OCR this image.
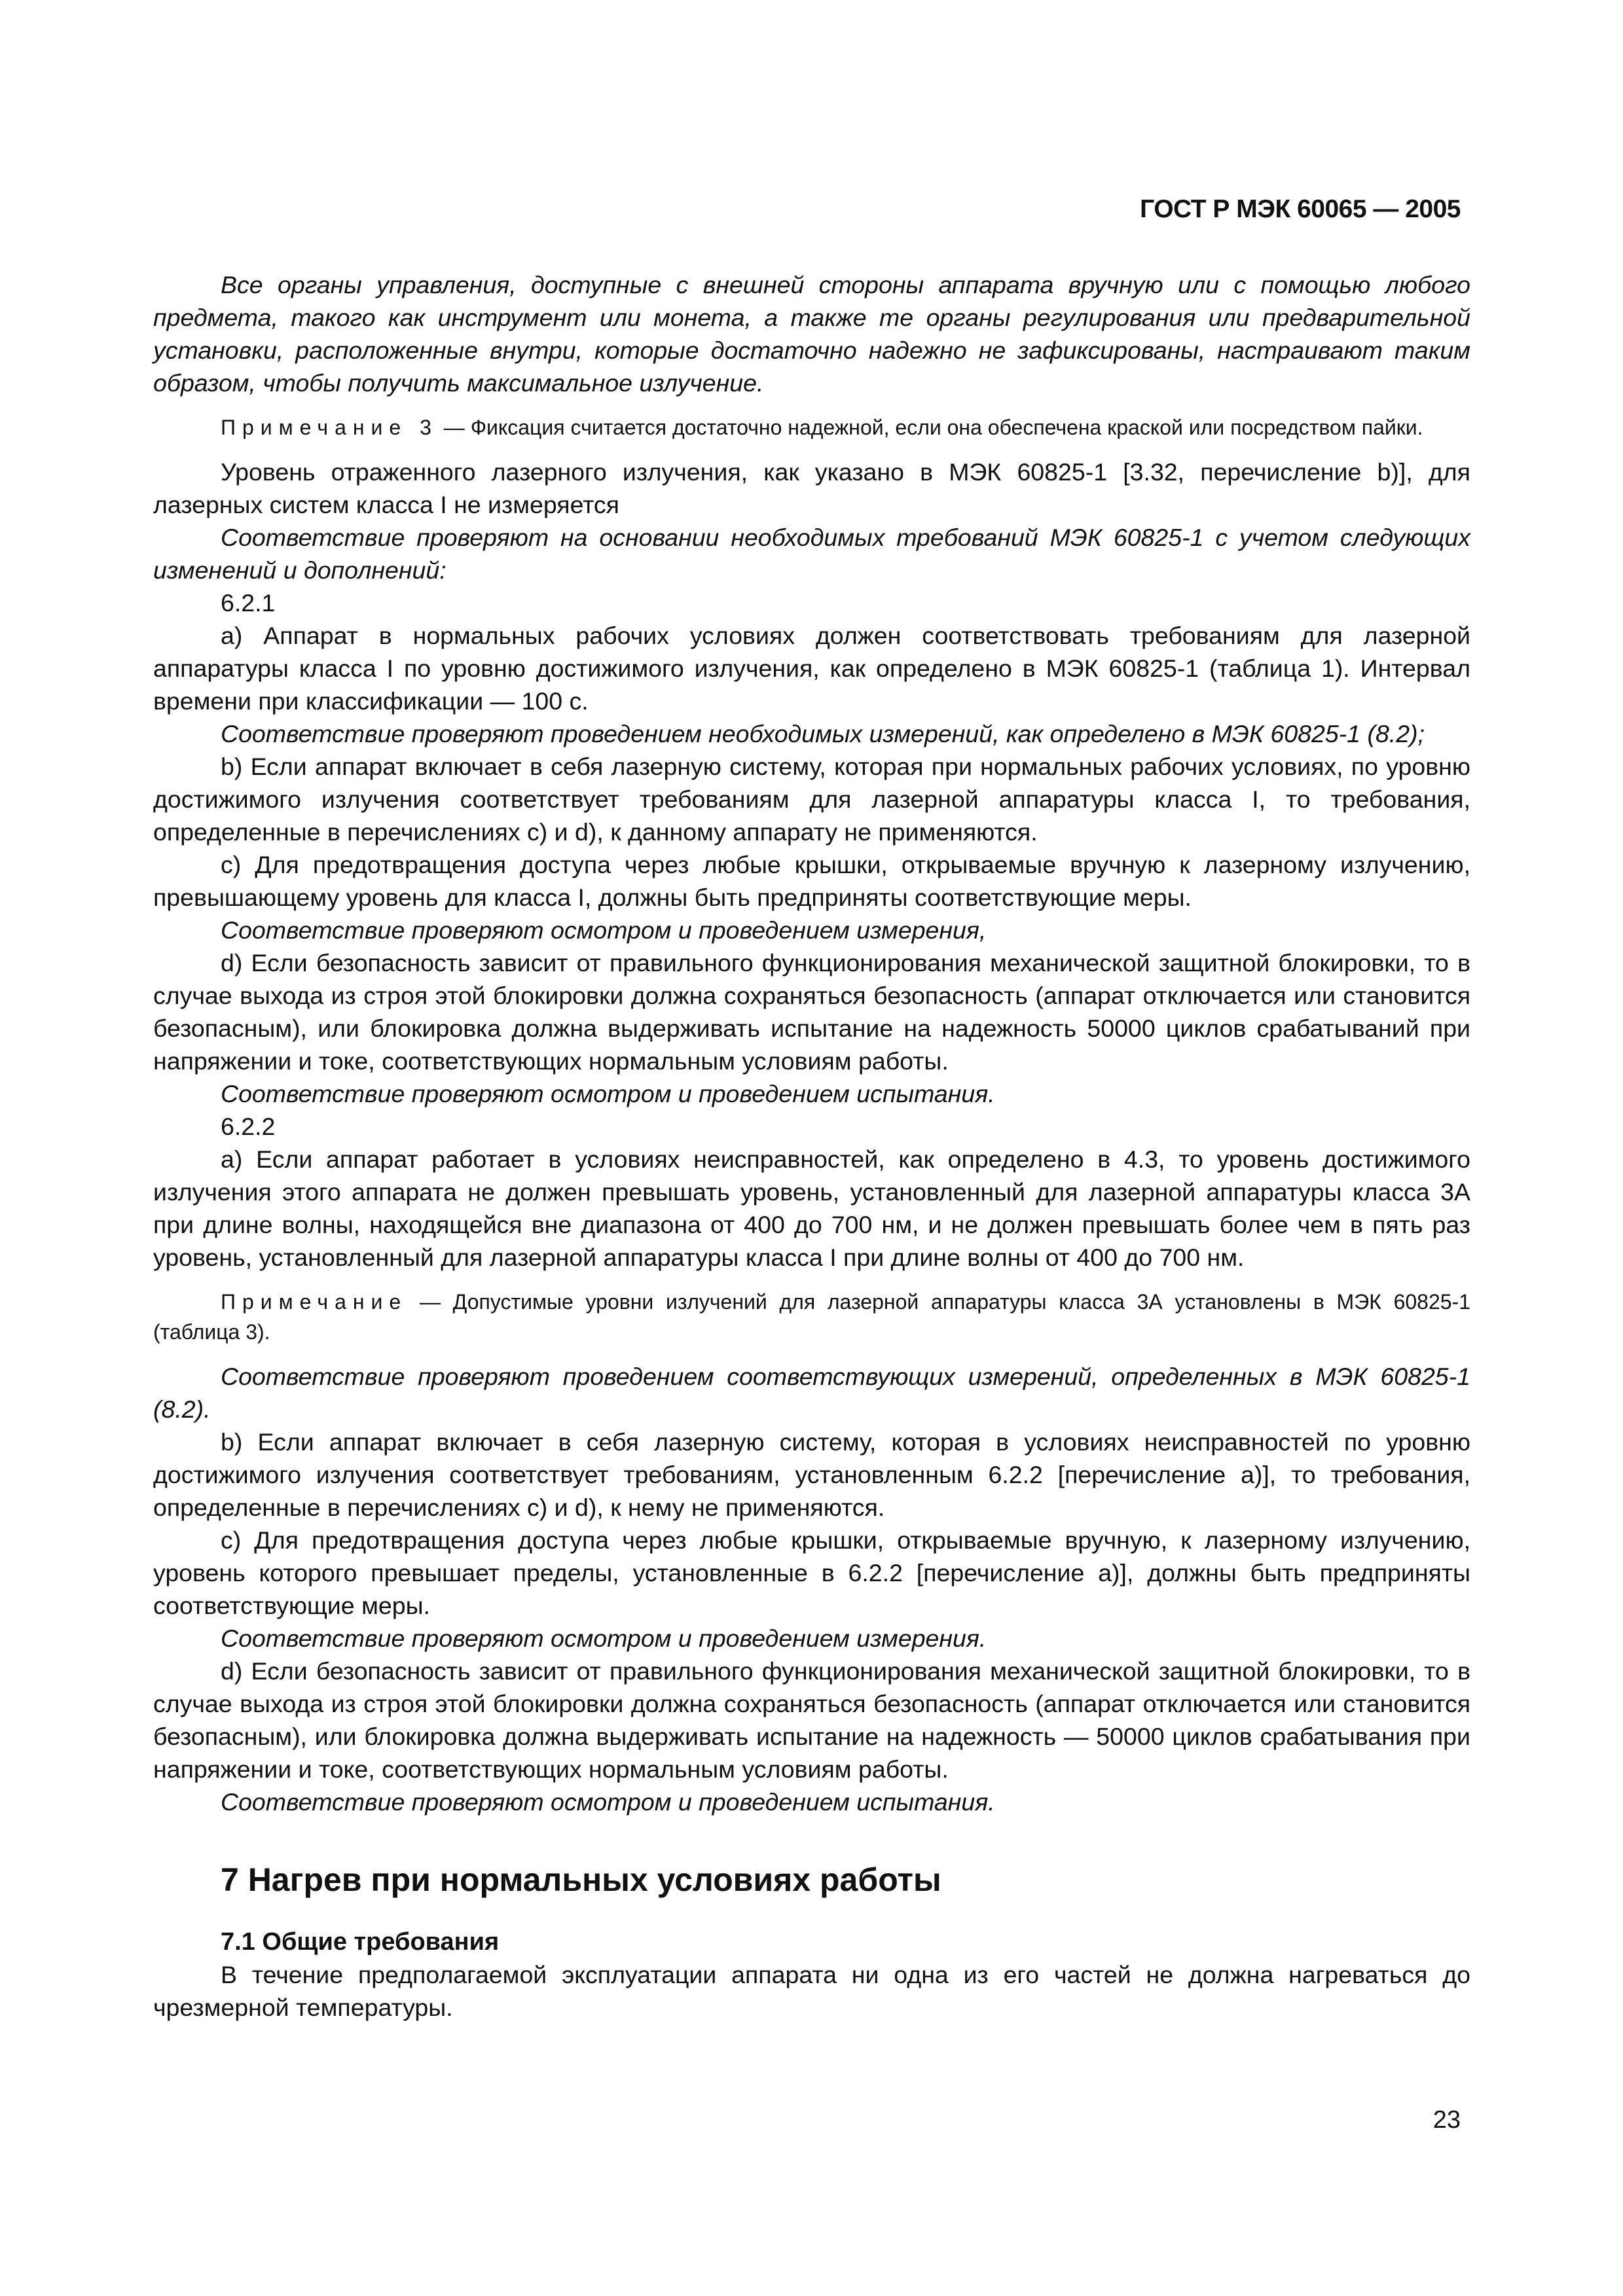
ГОСТ Р МЭК 60065 — 2005

Все органы управления, доступные с внешней стороны аппарата вручную или с помощью любого предмета, такого как инструмент или монета, а также те органы регулирования или предварительной установки, расположенные внутри, которые достаточно надежно не зафиксированы, настраивают таким образом, чтобы получить максимальное излучение.

Примечание 3 — Фиксация считается достаточно надежной, если она обеспечена краской или посредством пайки.

Уровень отраженного лазерного излучения, как указано в МЭК 60825-1 [3.32, перечисление b)], для лазерных систем класса I не измеряется

Соответствие проверяют на основании необходимых требований МЭК 60825-1 с учетом следующих изменений и дополнений:

6.2.1

a) Аппарат в нормальных рабочих условиях должен соответствовать требованиям для лазерной аппаратуры класса I по уровню достижимого излучения, как определено в МЭК 60825-1 (таблица 1). Интервал времени при классификации — 100 с.

Соответствие проверяют проведением необходимых измерений, как определено в МЭК 60825-1 (8.2);

b) Если аппарат включает в себя лазерную систему, которая при нормальных рабочих условиях, по уровню достижимого излучения соответствует требованиям для лазерной аппаратуры класса I, то требования, определенные в перечислениях c) и d), к данному аппарату не применяются.

c) Для предотвращения доступа через любые крышки, открываемые вручную к лазерному излучению, превышающему уровень для класса I, должны быть предприняты соответствующие меры.

Соответствие проверяют осмотром и проведением измерения,

d) Если безопасность зависит от правильного функционирования механической защитной блокировки, то в случае выхода из строя этой блокировки должна сохраняться безопасность (аппарат отключается или становится безопасным), или блокировка должна выдерживать испытание на надежность 50000 циклов срабатываний при напряжении и токе, соответствующих нормальным условиям работы.

Соответствие проверяют осмотром и проведением испытания.

6.2.2

a) Если аппарат работает в условиях неисправностей, как определено в 4.3, то уровень достижимого излучения этого аппарата не должен превышать уровень, установленный для лазерной аппаратуры класса 3А при длине волны, находящейся вне диапазона от 400 до 700 нм, и не должен превышать более чем в пять раз уровень, установленный для лазерной аппаратуры класса I при длине волны от 400 до 700 нм.

Примечание — Допустимые уровни излучений для лазерной аппаратуры класса 3А установлены в МЭК 60825-1 (таблица 3).

Соответствие проверяют проведением соответствующих измерений, определенных в МЭК 60825-1 (8.2).

b) Если аппарат включает в себя лазерную систему, которая в условиях неисправностей по уровню достижимого излучения соответствует требованиям, установленным 6.2.2 [перечисление а)], то требования, определенные в перечислениях c) и d), к нему не применяются.

c) Для предотвращения доступа через любые крышки, открываемые вручную, к лазерному излучению, уровень которого превышает пределы, установленные в 6.2.2 [перечисление а)], должны быть предприняты соответствующие меры.

Соответствие проверяют осмотром и проведением измерения.

d) Если безопасность зависит от правильного функционирования механической защитной блокировки, то в случае выхода из строя этой блокировки должна сохраняться безопасность (аппарат отключается или становится безопасным), или блокировка должна выдерживать испытание на надежность — 50000 циклов срабатывания при напряжении и токе, соответствующих нормальным условиям работы.

Соответствие проверяют осмотром и проведением испытания.

7 Нагрев при нормальных условиях работы
7.1 Общие требования

В течение предполагаемой эксплуатации аппарата ни одна из его частей не должна нагреваться до чрезмерной температуры.

23
